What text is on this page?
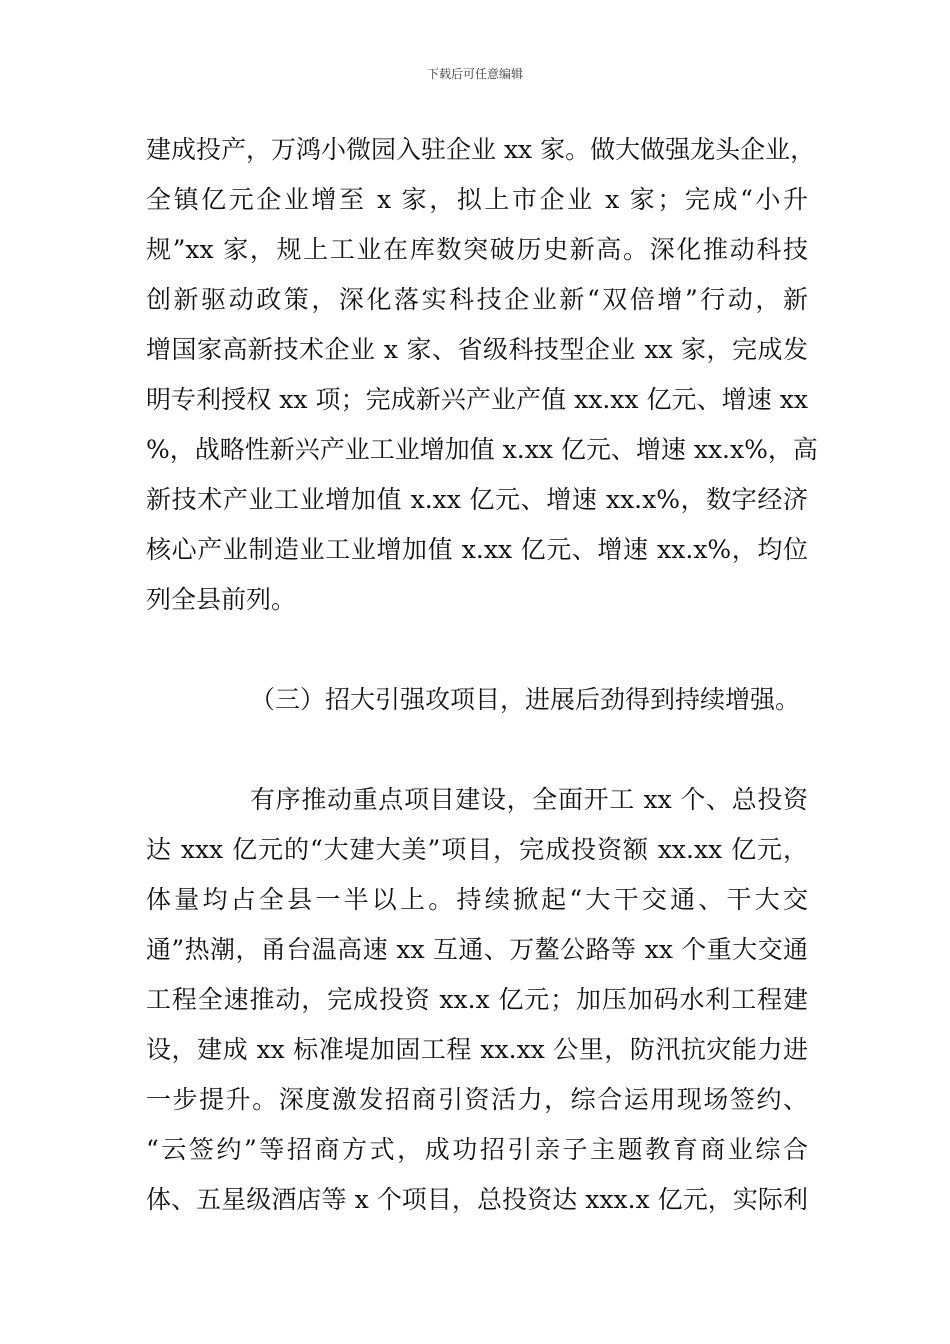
下载后可任意编辑
建成投产，万鸿小微园入驻企业 xx 家。做大做强龙头企业，
全镇亿元企业增至 x 家，拟上市企业 x 家；完成“小升
规”xx 家，规上工业在库数突破历史新高。深化推动科技
创新驱动政策，深化落实科技企业新“双倍增”行动，新
增国家高新技术企业 x 家、省级科技型企业 xx 家，完成发
明专利授权 xx 项；完成新兴产业产值 xx.xx 亿元、增速 xx
%，战略性新兴产业工业增加值 x.xx 亿元、增速 xx.x%，高
新技术产业工业增加值 x.xx 亿元、增速 xx.x%，数字经济
核心产业制造业工业增加值 x.xx 亿元、增速 xx.x%，均位
列全县前列。
（三）招大引强攻项目，进展后劲得到持续增强。
有序推动重点项目建设，全面开工 xx 个、总投资
达 xxx 亿元的“大建大美”项目，完成投资额 xx.xx 亿元，
体量均占全县一半以上。持续掀起“大干交通、干大交
通”热潮，甬台温高速 xx 互通、万鳌公路等 xx 个重大交通
工程全速推动，完成投资 xx.x 亿元；加压加码水利工程建
设，建成 xx 标准堤加固工程 xx.xx 公里，防汛抗灾能力进
一步提升。深度激发招商引资活力，综合运用现场签约、
“云签约”等招商方式，成功招引亲子主题教育商业综合
体、五星级酒店等 x 个项目，总投资达 xxx.x 亿元，实际利
